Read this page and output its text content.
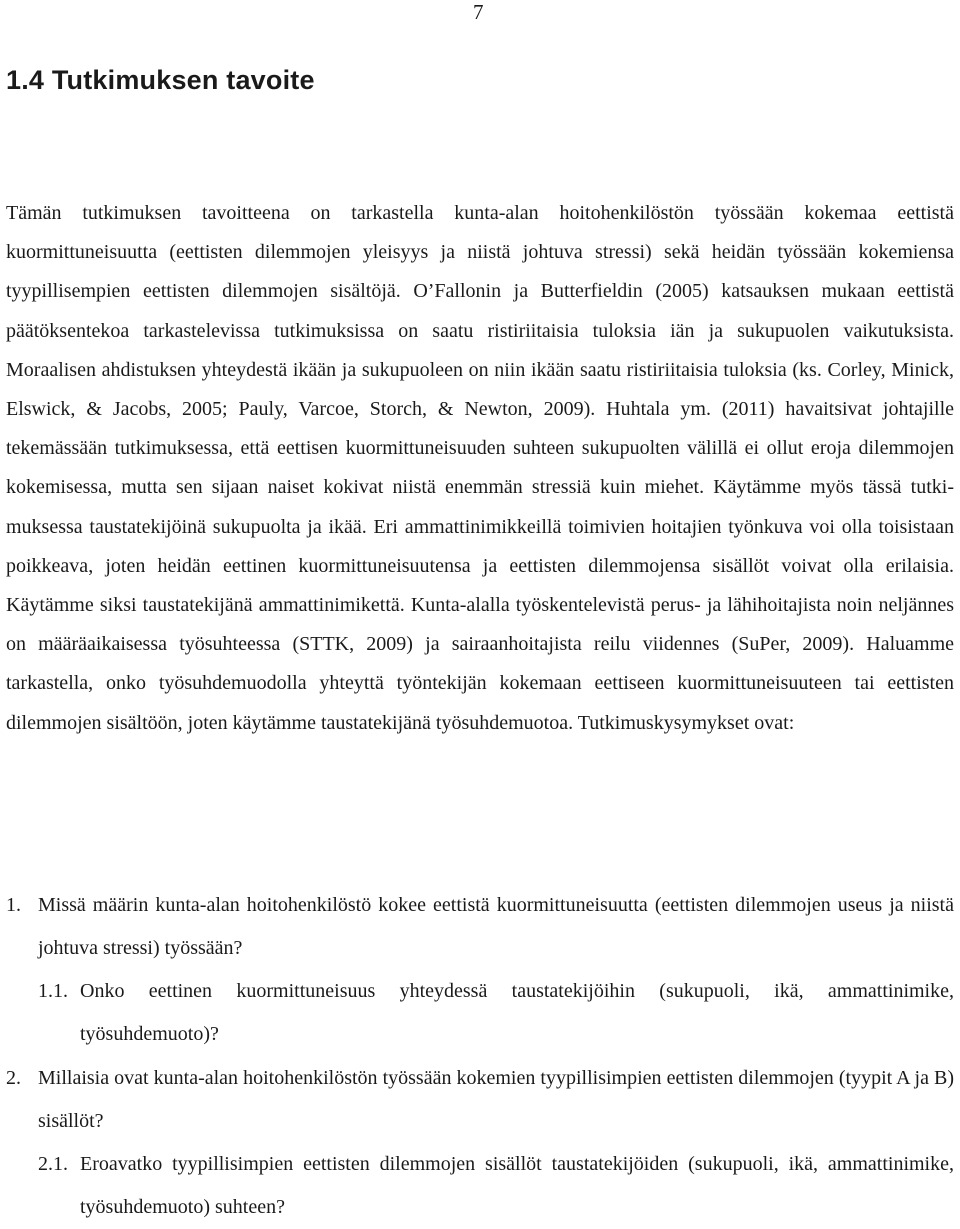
7
1.4 Tutkimuksen tavoite

Tämän tutkimuksen tavoitteena on tarkastella kunta-alan hoitohenkilöstön työssään kokemaa eettistä kuormittuneisuutta (eettisten dilemmojen yleisyys ja niistä johtuva stressi) sekä heidän työssään kokemiensa tyypillisempien eettisten dilemmojen sisältöjä. O’Fallonin ja Butterfieldin (2005) katsauksen mukaan eettistä päätöksentekoa tarkastelevissa tutkimuksissa on saatu ristiriitaisia tuloksia iän ja sukupuolen vaikutuksista. Moraalisen ahdistuksen yhteydestä ikään ja sukupuoleen on niin ikään saatu ristiriitaisia tuloksia (ks. Corley, Minick, Elswick, & Jacobs, 2005; Pauly, Varcoe, Storch, & Newton, 2009). Huhtala ym. (2011) havaitsivat johtajille tekemässään tutkimuksessa, että eettisen kuormittuneisuuden suhteen sukupuolten välillä ei ollut eroja dilemmojen kokemisessa, mutta sen sijaan naiset kokivat niistä enemmän stressiä kuin miehet. Käytämme myös tässä tutkimuksessa taustatekijöinä sukupuolta ja ikää. Eri ammattinimikkeillä toimivien hoitajien työnkuva voi olla toisistaan poikkeava, joten heidän eettinen kuormittuneisuutensa ja eettisten dilemmojensa sisällöt voivat olla erilaisia. Käytämme siksi taustatekijänä ammattinimikettä. Kunta-alalla työskentelevistä perus- ja lähihoitajista noin neljännes on määräaikaisessa työsuhteessa (STTK, 2009) ja sairaanhoitajista reilu viidennes (SuPer, 2009). Haluamme tarkastella, onko työsuhdemuodolla yhteyttä työntekijän kokemaan eettiseen kuormittuneisuuteen tai eettisten dilemmojen sisältöön, joten käytämme taustatekijänä työsuhdemuotoa. Tutkimuskysymykset ovat:

1. Missä määrin kunta-alan hoitohenkilöstö kokee eettistä kuormittuneisuutta (eettisten dilemmojen useus ja niistä johtuva stressi) työssään?
1.1. Onko eettinen kuormittuneisuus yhteydessä taustatekijöihin (sukupuoli, ikä, ammattinimike, työsuhdemuoto)?
2. Millaisia ovat kunta-alan hoitohenkilöstön työssään kokemien tyypillisimpien eettisten dilemmojen (tyypit A ja B) sisällöt?
2.1. Eroavatko tyypillisimpien eettisten dilemmojen sisällöt taustatekijöiden (sukupuoli, ikä, ammattinimike, työsuhdemuoto) suhteen?
